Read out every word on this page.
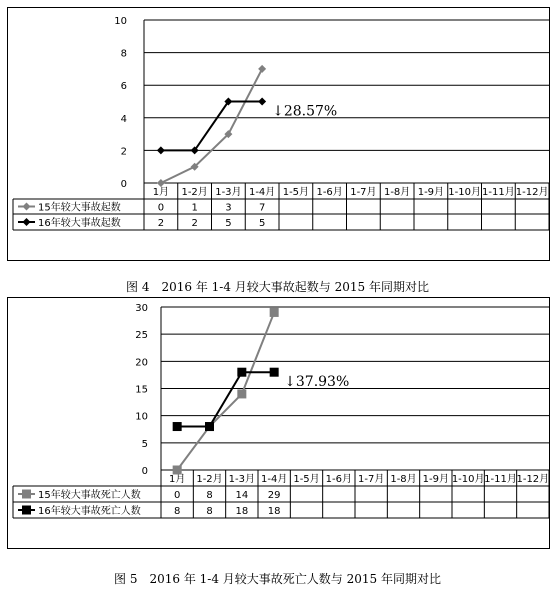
0
2
4
6
8
10
1月 1-2月 1-3月 1-4月 1-5月 1-6月 1-7月 1-8月 1-9月 1-10月 1-11月 1-12月
15年较大事故起数	0	1	3	7
16年较大事故起数	2	2	5	5
↓28.57%
图 4　2016 年 1-4 月较大事故起数与 2015 年同期对比
0
5
10
15
20
25
30
1月 1-2月 1-3月 1-4月 1-5月 1-6月 1-7月 1-8月 1-9月 1-10月 1-11月 1-12月
15年较大事故死亡人数	0	8 14 29
16年较大事故死亡人数	8	8 18 18
↓37.93%
图 5　2016 年 1-4 月较大事故死亡人数与 2015 年同期对比
